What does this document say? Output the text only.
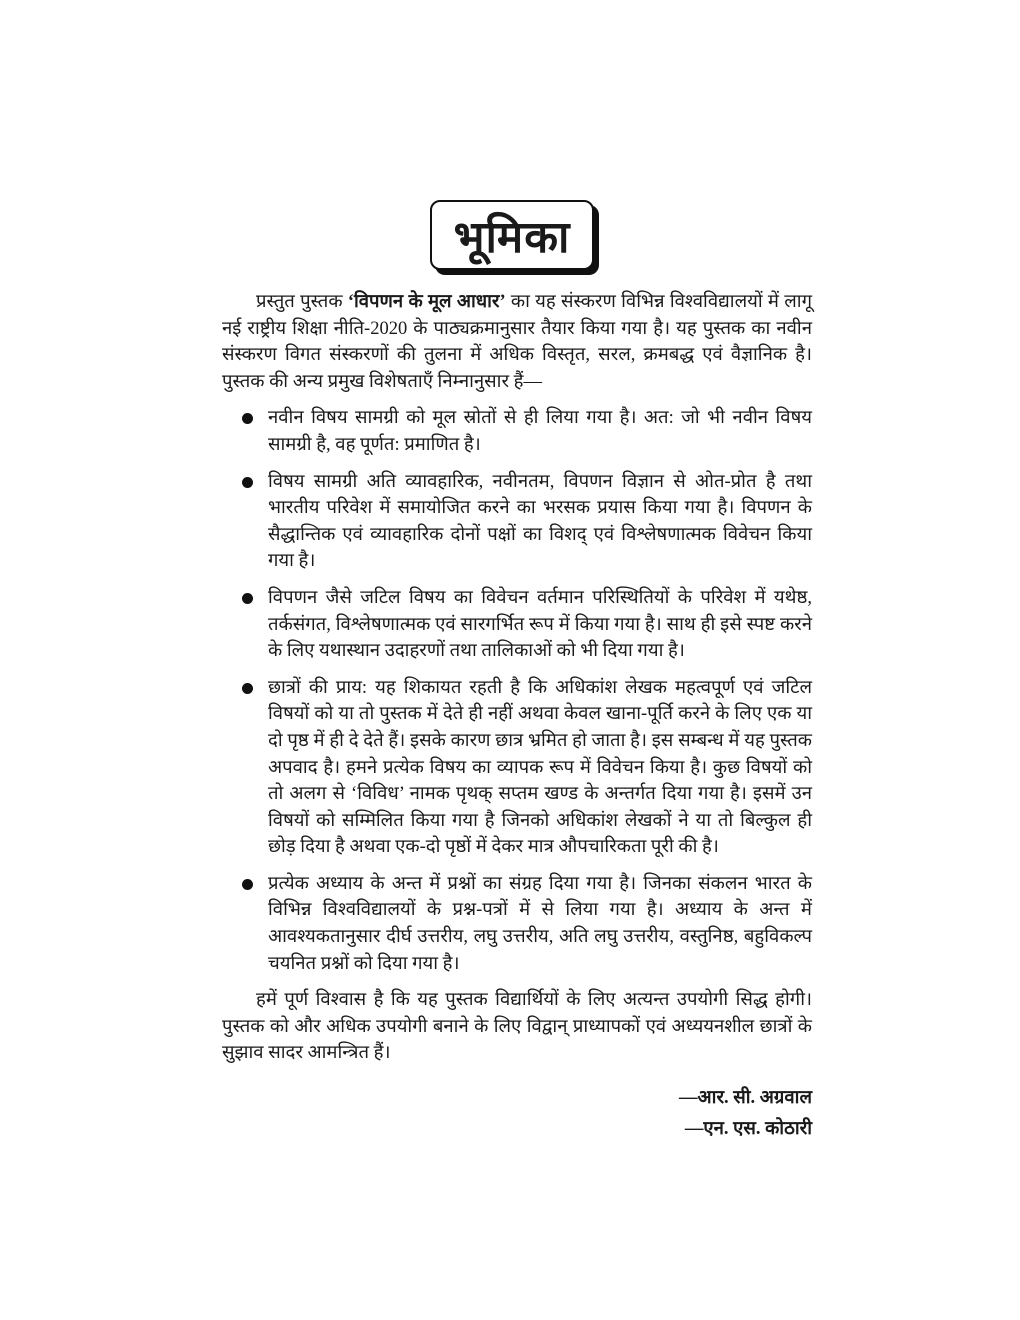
भूमिका

प्रस्तुत पुस्तक ‘विपणन के मूल आधार’ का यह संस्करण विभिन्न विश्वविद्यालयों में लागू नई राष्ट्रीय शिक्षा नीति-2020 के पाठ्यक्रमानुसार तैयार किया गया है। यह पुस्तक का नवीन संस्करण विगत संस्करणों की तुलना में अधिक विस्तृत, सरल, क्रमबद्ध एवं वैज्ञानिक है। पुस्तक की अन्य प्रमुख विशेषताएँ निम्नानुसार हैं—

नवीन विषय सामग्री को मूल स्रोतों से ही लिया गया है। अत: जो भी नवीन विषय सामग्री है, वह पूर्णत: प्रमाणित है।
विषय सामग्री अति व्यावहारिक, नवीनतम, विपणन विज्ञान से ओत-प्रोत है तथा भारतीय परिवेश में समायोजित करने का भरसक प्रयास किया गया है। विपणन के सैद्धान्तिक एवं व्यावहारिक दोनों पक्षों का विशद् एवं विश्लेषणात्मक विवेचन किया गया है।
विपणन जैसे जटिल विषय का विवेचन वर्तमान परिस्थितियों के परिवेश में यथेष्ठ, तर्कसंगत, विश्लेषणात्मक एवं सारगर्भित रूप में किया गया है। साथ ही इसे स्पष्ट करने के लिए यथास्थान उदाहरणों तथा तालिकाओं को भी दिया गया है।
छात्रों की प्राय: यह शिकायत रहती है कि अधिकांश लेखक महत्वपूर्ण एवं जटिल विषयों को या तो पुस्तक में देते ही नहीं अथवा केवल खाना-पूर्ति करने के लिए एक या दो पृष्ठ में ही दे देते हैं। इसके कारण छात्र भ्रमित हो जाता है। इस सम्बन्ध में यह पुस्तक अपवाद है। हमने प्रत्येक विषय का व्यापक रूप में विवेचन किया है। कुछ विषयों को तो अलग से ‘विविध’ नामक पृथक् सप्तम खण्ड के अन्तर्गत दिया गया है। इसमें उन विषयों को सम्मिलित किया गया है जिनको अधिकांश लेखकों ने या तो बिल्कुल ही छोड़ दिया है अथवा एक-दो पृष्ठों में देकर मात्र औपचारिकता पूरी की है।
प्रत्येक अध्याय के अन्त में प्रश्नों का संग्रह दिया गया है। जिनका संकलन भारत के विभिन्न विश्वविद्यालयों के प्रश्न-पत्रों में से लिया गया है। अध्याय के अन्त में आवश्यकतानुसार दीर्घ उत्तरीय, लघु उत्तरीय, अति लघु उत्तरीय, वस्तुनिष्ठ, बहुविकल्प चयनित प्रश्नों को दिया गया है।

हमें पूर्ण विश्वास है कि यह पुस्तक विद्यार्थियों के लिए अत्यन्त उपयोगी सिद्ध होगी। पुस्तक को और अधिक उपयोगी बनाने के लिए विद्वान् प्राध्यापकों एवं अध्ययनशील छात्रों के सुझाव सादर आमन्त्रित हैं।

—आर. सी. अग्रवाल

—एन. एस. कोठारी
